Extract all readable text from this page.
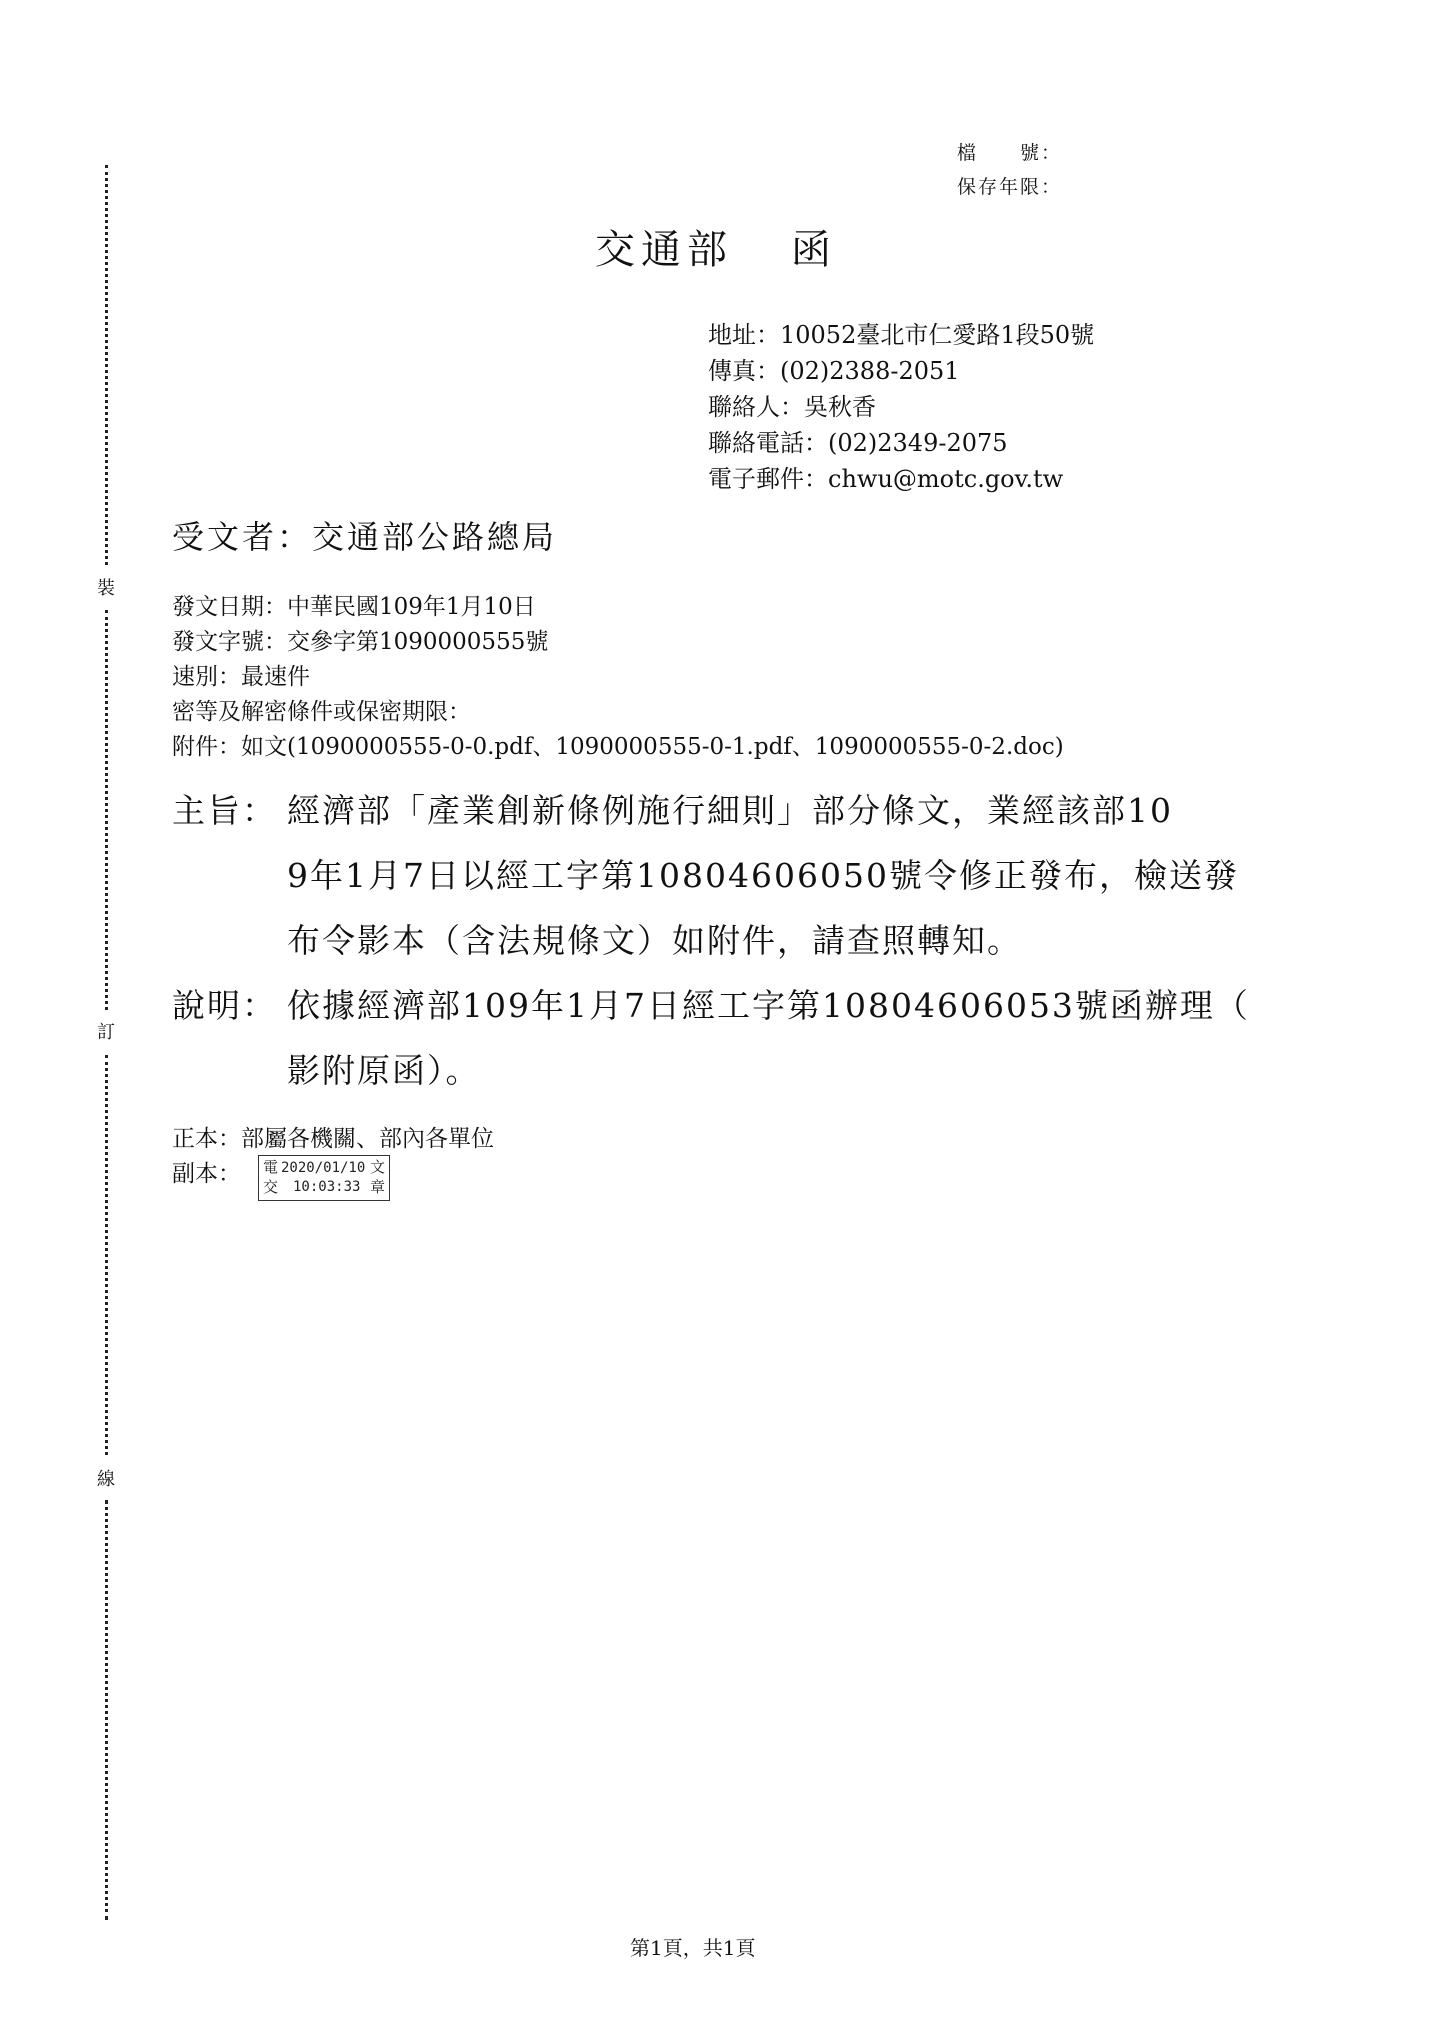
裝
訂
線
檔　　號：
保存年限：
交通部 函
地址：10052臺北市仁愛路1段50號
傳真：(02)2388-2051
聯絡人：吳秋香
聯絡電話：(02)2349-2075
電子郵件：chwu@motc.gov.tw
受文者：交通部公路總局
發文日期：中華民國109年1月10日
發文字號：交參字第1090000555號
速別：最速件
密等及解密條件或保密期限：
附件：如文(1090000555-0-0.pdf、1090000555-0-1.pdf、1090000555-0-2.doc)
主旨： 經濟部「產業創新條例施行細則」部分條文，業經該部10
9年1月7日以經工字第10804606050號令修正發布，檢送發
布令影本（含法規條文）如附件，請查照轉知。
說明： 依據經濟部109年1月7日經工字第10804606053號函辦理（
影附原函）。
正本：部屬各機關、部內各單位
副本： 電
交
2020/01/10
10:03:33
文
章
第1頁，共1頁
